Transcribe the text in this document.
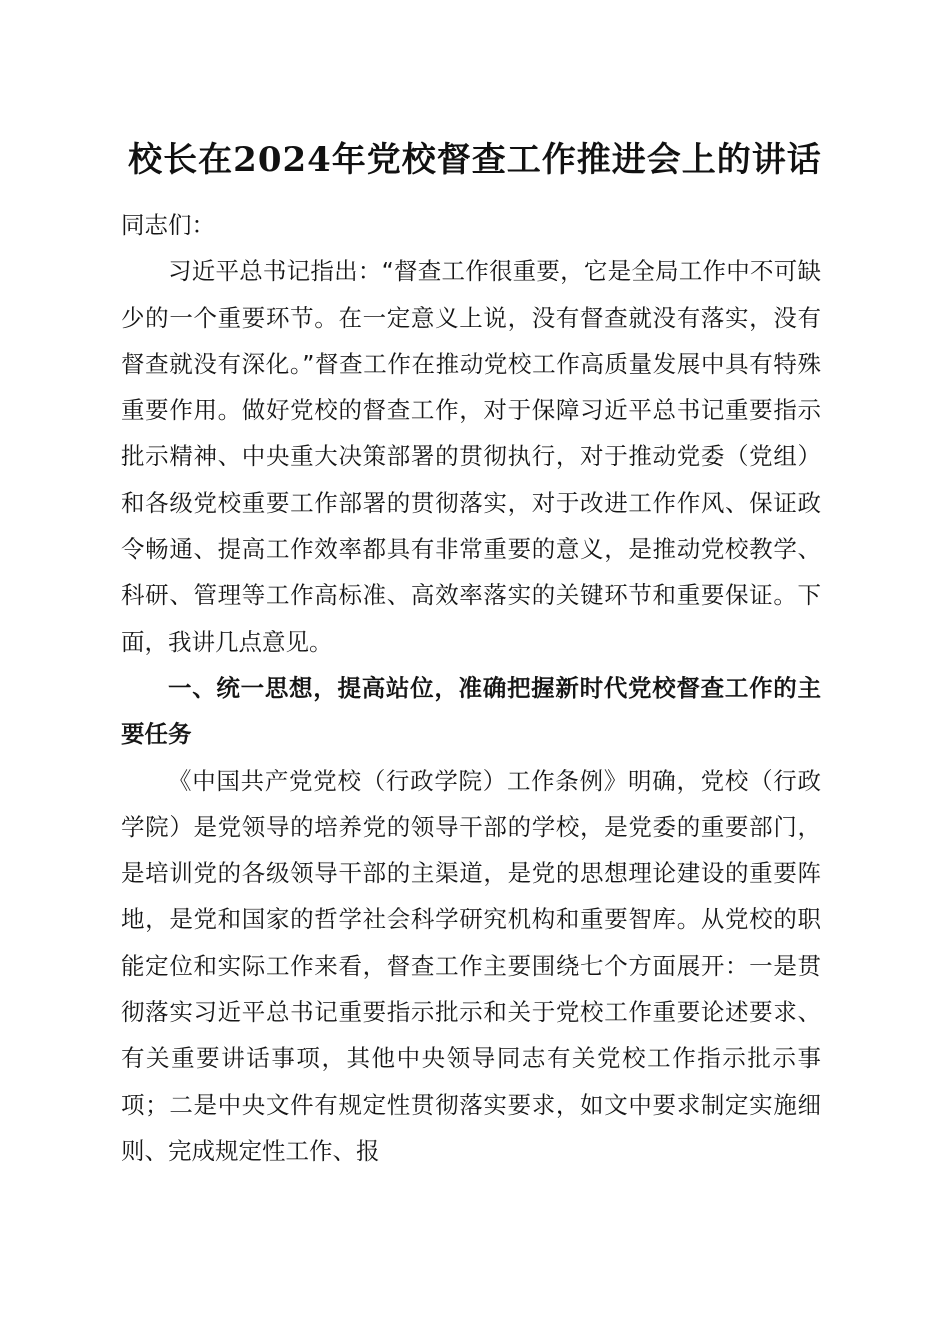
校长在2024年党校督查工作推进会上的讲话

同志们：

习近平总书记指出：“督查工作很重要，它是全局工作中不可缺少的一个重要环节。在一定意义上说，没有督查就没有落实，没有督查就没有深化。”督查工作在推动党校工作高质量发展中具有特殊重要作用。做好党校的督查工作，对于保障习近平总书记重要指示批示精神、中央重大决策部署的贯彻执行，对于推动党委（党组）和各级党校重要工作部署的贯彻落实，对于改进工作作风、保证政令畅通、提高工作效率都具有非常重要的意义，是推动党校教学、科研、管理等工作高标准、高效率落实的关键环节和重要保证。下面，我讲几点意见。

一、统一思想，提高站位，准确把握新时代党校督查工作的主要任务

《中国共产党党校（行政学院）工作条例》明确，党校（行政学院）是党领导的培养党的领导干部的学校，是党委的重要部门，是培训党的各级领导干部的主渠道，是党的思想理论建设的重要阵地，是党和国家的哲学社会科学研究机构和重要智库。从党校的职能定位和实际工作来看，督查工作主要围绕七个方面展开：一是贯彻落实习近平总书记重要指示批示和关于党校工作重要论述要求、有关重要讲话事项，其他中央领导同志有关党校工作指示批示事项；二是中央文件有规定性贯彻落实要求，如文中要求制定实施细则、完成规定性工作、报
